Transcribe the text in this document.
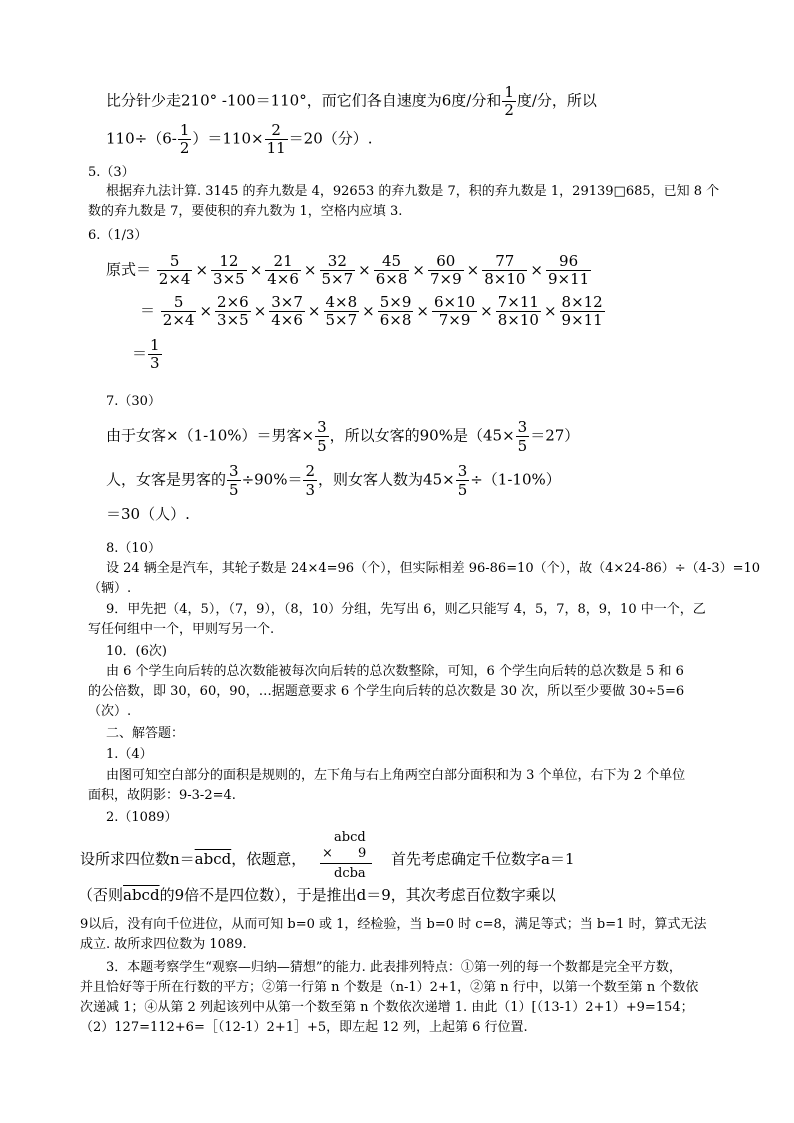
比分针少走210° -100＝110°，而它们各自速度为6度/分和 $\frac{1}{2}$ 度/分，所以
$110\div(6- \frac{1}{2} )=110\times \frac{2}{11} =20$（分）.
5.（3）
根据弃九法计算. 3145 的弃九数是 4，92653 的弃九数是 7，积的弃九数是 1，29139□685，已知 8 个
数的弃九数是 7，要使积的弃九数为 1，空格内应填 3.
6.（1/3）
原式＝ $\frac{5}{2\times 4} \times \frac{12}{3\times 5} \times \frac{21}{4\times 6} \times \frac{32}{5\times 7} \times \frac{45}{6\times 8} \times \frac{60}{7\times 9} \times \frac{77}{8\times 10} \times \frac{96}{9\times 11}$
＝ $\frac{5}{2\times 4} \times \frac{2\times 6}{3\times 5} \times \frac{3\times 7}{4\times 6} \times \frac{4\times 8}{5\times 7} \times \frac{5\times 9}{6\times 8} \times \frac{6\times 10}{7\times 9} \times \frac{7\times 11}{8\times 10} \times \frac{8\times 12}{9\times 11}$
＝ $\frac{1}{3}$
7.（30）
由于女客×（1-10%）＝男客× $\frac{3}{5}$ ，所以女客的90%是$(45\times \frac{3}{5} =27)$
人，女客是男客的 $\frac{3}{5} \div 90\%= \frac{2}{3}$ ，则女客人数为$45\times \frac{3}{5} \div(1-10\%)$
＝30（人）.
8.（10）
设 24 辆全是汽车，其轮子数是 24×4=96（个），但实际相差 96-86=10（个），故（4×24-86）÷（4-3）=10
（辆）.
9．甲先把（4，5），（7，9），（8，10）分组，先写出 6，则乙只能写 4，5，7，8，9，10 中一个，乙
写任何组中一个，甲则写另一个.
10．(6次)
由 6 个学生向后转的总次数能被每次向后转的总次数整除，可知，6 个学生向后转的总次数是 5 和 6
的公倍数，即 30，60，90，…据题意要求 6 个学生向后转的总次数是 30 次，所以至少要做 30÷5=6
（次）.
二、解答题：
1.（4）
由图可知空白部分的面积是规则的，左下角与右上角两空白部分面积和为 3 个单位，右下为 2 个单位
面积，故阴影：9-3-2=4.
2.（1089）
设所求四位数n＝abcd，依题意，
abcd
× 9
dcba
首先考虑确定千位数字a＝1
（否则abcd的9倍不是四位数），于是推出d＝9，其次考虑百位数字乘以
9以后，没有向千位进位，从而可知 b=0 或 1，经检验，当 b=0 时 c=8，满足等式；当 b=1 时，算式无法
成立. 故所求四位数为 1089.
3．本题考察学生“观察—归纳—猜想”的能力. 此表排列特点：①第一列的每一个数都是完全平方数，
并且恰好等于所在行数的平方；②第一行第 n 个数是（n-1）2+1，②第 n 行中，以第一个数至第 n 个数依
次递减 1；④从第 2 列起该列中从第一个数至第 n 个数依次递增 1. 由此（1）[（13-1）2+1）+9=154；
（2）127=112+6=［（12-1）2+1］+5，即左起 12 列，上起第 6 行位置.
